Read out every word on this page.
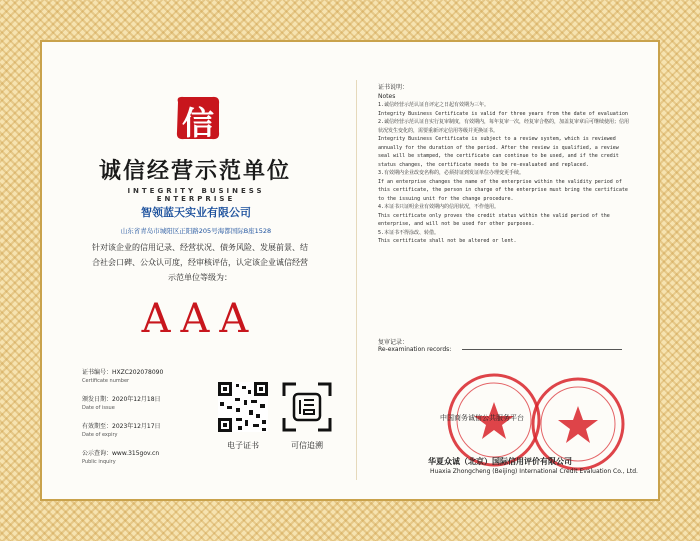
信
诚信经营示范单位
INTEGRITY BUSINESS ENTERPRISE
智领蓝天实业有限公司
山东省青岛市城阳区正阳路205号海都国际B座1528
针对该企业的信用记录、经营状况、债务风险、发展前景、结合社会口碑、公众认可度，经审核评估，认定该企业诚信经营示范单位等级为：
AAA
证书编号：HXZC202078090
Certificate number
颁发日期：2020年12月18日
Date of issue
有效期至：2023年12月17日
Date of expiry
公示查询：www.315gov.cn
Public inquiry
电子证书	可信追溯

证书说明：

Notes

1.诚信经营示范认证自评定之日起有效期为三年。

Integrity Business Certificate is valid for three years from the date of evaluation

2.诚信经营示范认证自实行复审制度，有效期内，每年复审一次，经复审合格的，加盖复审章后可继续使用；信用状况发生变化的，需要重新评定信用等级并更换证书。

Integrity Business Certificate is subject to a review system, which is reviewed annually for the duration of the period. After the review is qualified, a review seal will be stamped, the certificate can continue to be used, and if the credit status changes, the certificate needs to be re-evaluated and replaced.

3.有效期内企业改变名称的，必须持证到发证单位办理变更手续。

If an enterprise changes the name of the enterprise within the validity period of this certificate, the person in charge of the enterprise must bring the certificate to the issuing unit for the change procedure.

4.本证书只证明企业有效期内的信用状况，不作他用。

This certificate only proves the credit status within the valid period of the enterprise, and will not be used for other purposes.

5.本证书不得涂改、转借。

This certificate shall not be altered or lent.

复审记录：
Re-examination records:
中国商务诚信公共服务平台
华夏众诚（北京）国际信用评价有限公司
Huaxia Zhongcheng (Beijing) International Credit Evaluation Co., Ltd.
